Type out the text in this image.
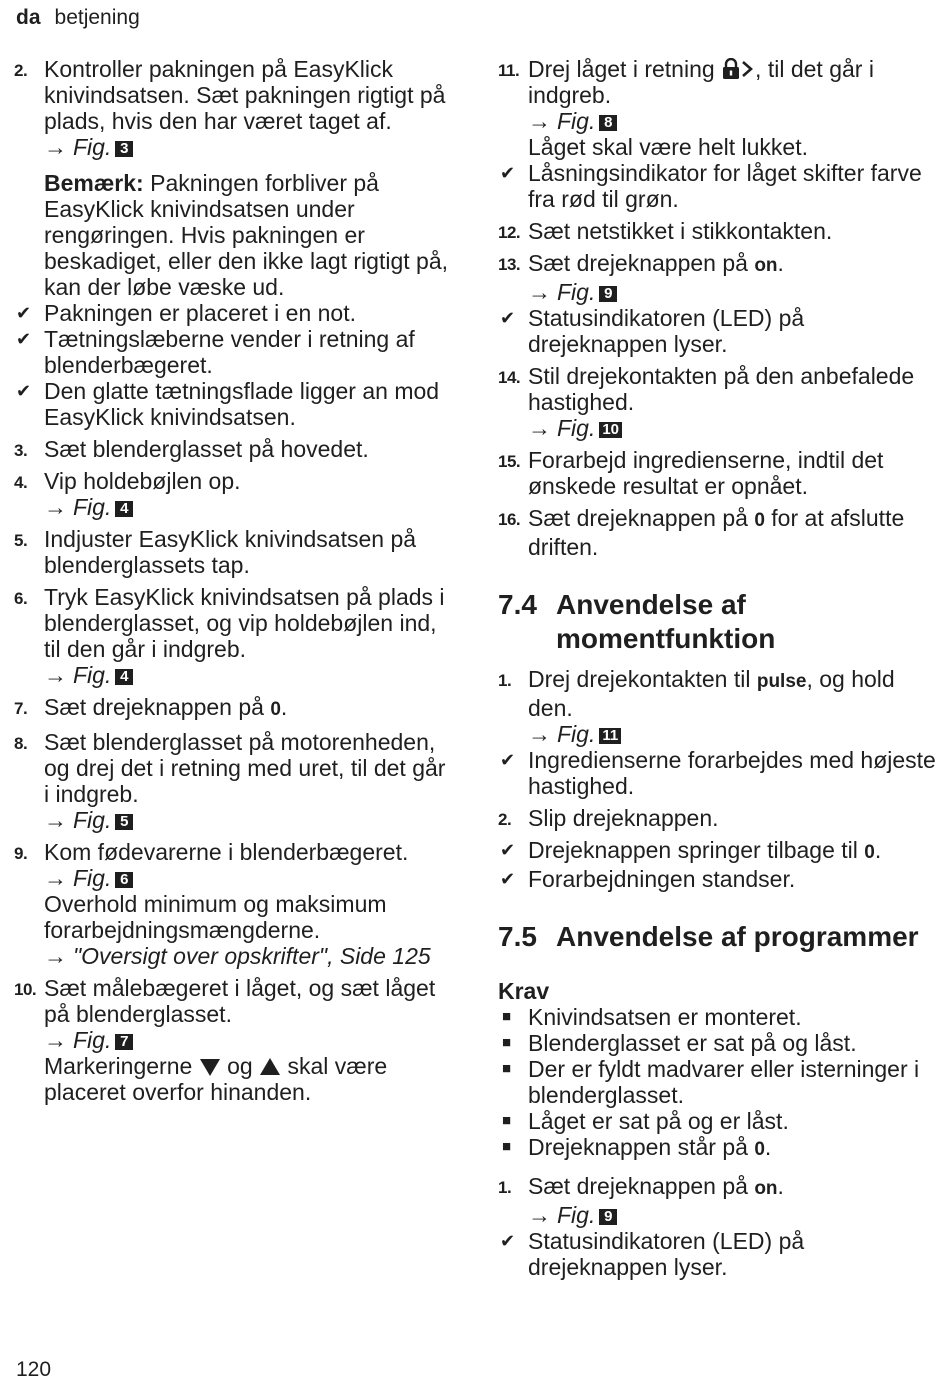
da betjening
2. Kontroller pakningen på EasyKlick knivindsatsen. Sæt pakningen rigtigt på plads, hvis den har været taget af.
→ Fig. 3
Bemærk: Pakningen forbliver på EasyKlick knivindsatsen under rengøringen. Hvis pakningen er beskadiget, eller den ikke lagt rigtigt på, kan der løbe væske ud.
✔ Pakningen er placeret i en not.
✔ Tætningslæberne vender i retning af blenderbægeret.
✔ Den glatte tætningsflade ligger an mod EasyKlick knivindsatsen.
3. Sæt blenderglasset på hovedet.
4. Vip holdebøjlen op.
→ Fig. 4
5. Indjuster EasyKlick knivindsatsen på blenderglassets tap.
6. Tryk EasyKlick knivindsatsen på plads i blenderglasset, og vip holdebøjlen ind, til den går i indgreb.
→ Fig. 4
7. Sæt drejeknappen på 0.
8. Sæt blenderglasset på motorenheden, og drej det i retning med uret, til det går i indgreb.
→ Fig. 5
9. Kom fødevarerne i blenderbægeret.
→ Fig. 6
Overhold minimum og maksimum forarbejdningsmængderne.
→ "Oversigt over opskrifter", Side 125
10. Sæt målebægeret i låget, og sæt låget på blenderglasset.
→ Fig. 7
Markeringerne  og  skal være placeret overfor hinanden.
11. Drej låget i retning , til det går i indgreb.
→ Fig. 8
Låget skal være helt lukket.
✔ Låsningsindikator for låget skifter farve fra rød til grøn.
12. Sæt netstikket i stikkontakten.
13. Sæt drejeknappen på on.
→ Fig. 9
✔ Statusindikatoren (LED) på drejeknappen lyser.
14. Stil drejekontakten på den anbefalede hastighed.
→ Fig. 10
15. Forarbejd ingredienserne, indtil det ønskede resultat er opnået.
16. Sæt drejeknappen på 0 for at afslutte driften.
7.4 Anvendelse af momentfunktion
1. Drej drejekontakten til pulse, og hold den.
→ Fig. 11
✔ Ingredienserne forarbejdes med højeste hastighed.
2. Slip drejeknappen.
✔ Drejeknappen springer tilbage til 0.
✔ Forarbejdningen standser.
7.5 Anvendelse af programmer
Krav
■ Knivindsatsen er monteret.
■ Blenderglasset er sat på og låst.
■ Der er fyldt madvarer eller isterninger i blenderglasset.
■ Låget er sat på og er låst.
■ Drejeknappen står på 0.
1. Sæt drejeknappen på on.
→ Fig. 9
✔ Statusindikatoren (LED) på drejeknappen lyser.
120
